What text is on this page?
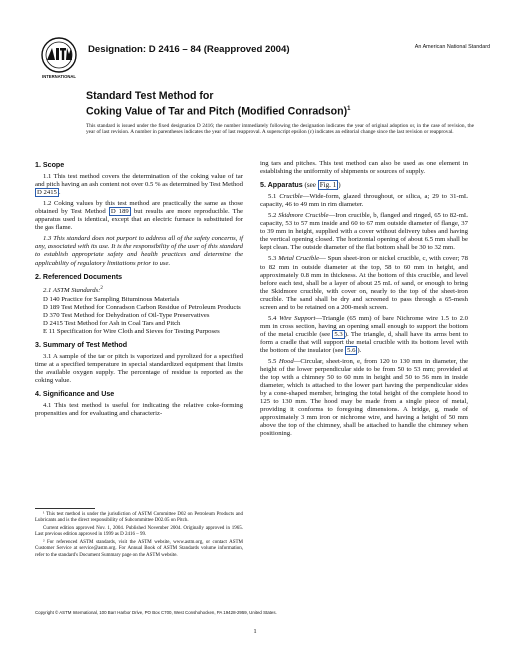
INTERNATIONAL
Designation: D 2416 – 84 (Reapproved 2004)	An American National Standard
Standard Test Method for
Coking Value of Tar and Pitch (Modified Conradson)$^1$
This standard is issued under the fixed designation D 2416; the number immediately following the designation indicates the year of original adoption or, in the case of revision, the year of last revision. A number in parentheses indicates the year of last reapproval. A superscript epsilon (ε) indicates an editorial change since the last revision or reapproval.
1. Scope

1.1 This test method covers the determination of the coking value of tar and pitch having an ash content not over 0.5 % as determined by Test Method D 2415 .

1.2 Coking values by this test method are practically the same as those obtained by Test Method D 189 but results are more reproducible. The apparatus used is identical, except that an electric furnace is substituted for the gas flame.

1.3 This standard does not purport to address all of the safety concerns, if any, associated with its use. It is the responsibility of the user of this standard to establish appropriate safety and health practices and determine the applicability of regulatory limitations prior to use.

2. Referenced Documents

2.1 ASTM Standards:$^2$

D 140 Practice for Sampling Bituminous Materials

D 189 Test Method for Conradson Carbon Residue of Petroleum Products

D 370 Test Method for Dehydration of Oil-Type Preservatives

D 2415 Test Method for Ash in Coal Tars and Pitch

E 11 Specification for Wire Cloth and Sieves for Testing Purposes

3. Summary of Test Method

3.1 A sample of the tar or pitch is vaporized and pyrolized for a specified time at a specified temperature in special standardized equipment that limits the available oxygen supply. The percentage of residue is reported as the coking value.

4. Significance and Use

4.1 This test method is useful for indicating the relative coke-forming propensities and for evaluating and characteriz-

ing tars and pitches. This test method can also be used as one element in establishing the uniformity of shipments or sources of supply.

5. Apparatus (see Fig. 1 )

5.1 Crucible—Wide-form, glazed throughout, or silica, a; 29 to 31-mL capacity, 46 to 49 mm in rim diameter.

5.2 Skidmore Crucible—Iron crucible, b, flanged and ringed, 65 to 82-mL capacity, 53 to 57 mm inside and 60 to 67 mm outside diameter of flange, 37 to 39 mm in height, supplied with a cover without delivery tubes and having the vertical opening closed. The horizontal opening of about 6.5 mm shall be kept clean. The outside diameter of the flat bottom shall be 30 to 32 mm.

5.3 Metal Crucible— Spun sheet-iron or nickel crucible, c, with cover; 78 to 82 mm in outside diameter at the top, 58 to 60 mm in height, and approximately 0.8 mm in thickness. At the bottom of this crucible, and level before each test, shall be a layer of about 25 mL of sand, or enough to bring the Skidmore crucible, with cover on, nearly to the top of the sheet-iron crucible. The sand shall be dry and screened to pass through a 65-mesh screen and to be retained on a 200-mesh screen.

5.4 Wire Support—Triangle (65 mm) of bare Nichrome wire 1.5 to 2.0 mm in cross section, having an opening small enough to support the bottom of the metal crucible (see 5.3 ). The triangle, d, shall have its arms bent to form a cradle that will support the metal crucible with its bottom level with the bottom of the insulator (see 5.6 ).

5.5 Hood—Circular, sheet-iron, e, from 120 to 130 mm in diameter, the height of the lower perpendicular side to be from 50 to 53 mm; provided at the top with a chimney 50 to 60 mm in height and 50 to 56 mm in inside diameter, which is attached to the lower part having the perpendicular sides by a cone-shaped member, bringing the total height of the complete hood to 125 to 130 mm. The hood may be made from a single piece of metal, providing it conforms to foregoing dimensions. A bridge, g, made of approximately 3 mm iron or nichrome wire, and having a height of 50 mm above the top of the chimney, shall be attached to handle the chimney when positioning.

¹ This test method is under the jurisdiction of ASTM Committee D02 on Petroleum Products and Lubricants and is the direct responsibility of Subcommittee D02.05 on Pitch.

Current edition approved Nov. 1, 2004. Published November 2004. Originally approved in 1965. Last previous edition approved in 1999 as D 2416 – 99.

² For referenced ASTM standards, visit the ASTM website, www.astm.org, or contact ASTM Customer Service at service@astm.org. For Annual Book of ASTM Standards volume information, refer to the standard's Document Summary page on the ASTM website.

Copyright © ASTM International, 100 Barr Harbor Drive, PO Box C700, West Conshohocken, PA 19428-2959, United States.
1
